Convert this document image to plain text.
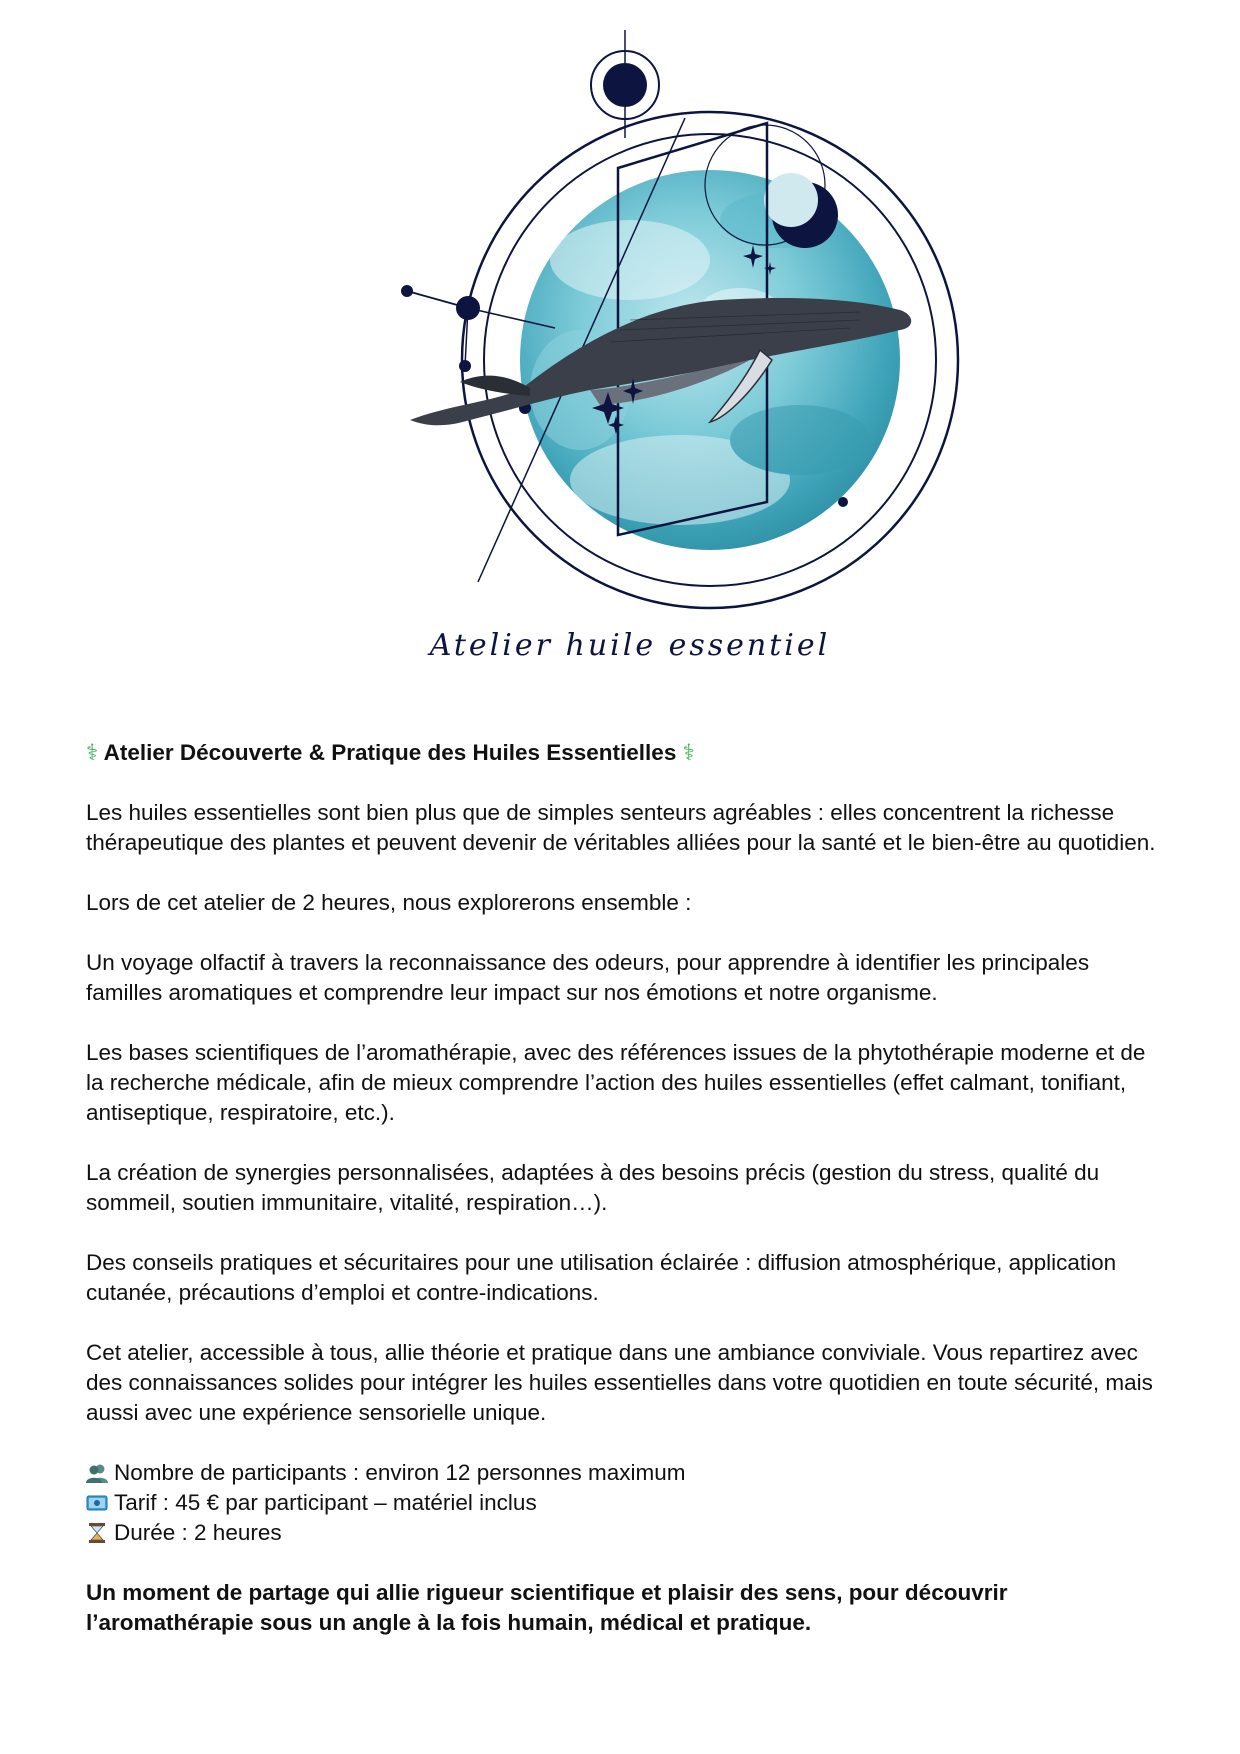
Atelier huile essentiel

⚕ Atelier Découverte & Pratique des Huiles Essentielles ⚕

Les huiles essentielles sont bien plus que de simples senteurs agréables : elles concentrent la richesse thérapeutique des plantes et peuvent devenir de véritables alliées pour la santé et le bien-être au quotidien.

Lors de cet atelier de 2 heures, nous explorerons ensemble :

Un voyage olfactif à travers la reconnaissance des odeurs, pour apprendre à identifier les principales familles aromatiques et comprendre leur impact sur nos émotions et notre organisme.

Les bases scientifiques de l’aromathérapie, avec des références issues de la phytothérapie moderne et de la recherche médicale, afin de mieux comprendre l’action des huiles essentielles (effet calmant, tonifiant, antiseptique, respiratoire, etc.).

La création de synergies personnalisées, adaptées à des besoins précis (gestion du stress, qualité du sommeil, soutien immunitaire, vitalité, respiration…).

Des conseils pratiques et sécuritaires pour une utilisation éclairée : diffusion atmosphérique, application cutanée, précautions d’emploi et contre-indications.

Cet atelier, accessible à tous, allie théorie et pratique dans une ambiance conviviale. Vous repartirez avec des connaissances solides pour intégrer les huiles essentielles dans votre quotidien en toute sécurité, mais aussi avec une expérience sensorielle unique.

Nombre de participants : environ 12 personnes maximum
Tarif : 45 € par participant – matériel inclus
Durée : 2 heures

Un moment de partage qui allie rigueur scientifique et plaisir des sens, pour découvrir l’aromathérapie sous un angle à la fois humain, médical et pratique.
